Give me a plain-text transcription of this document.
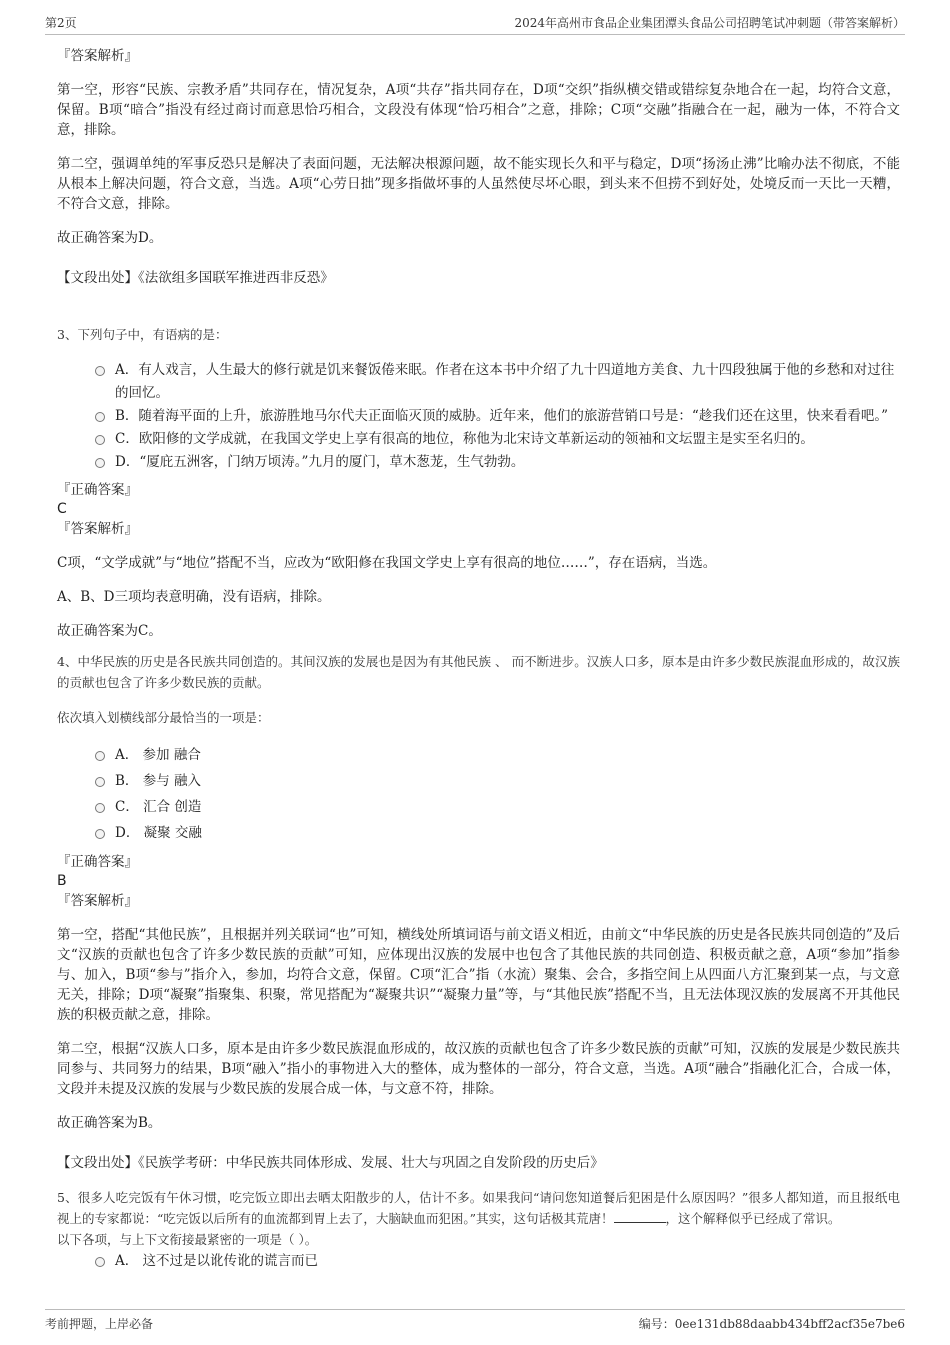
第2页	2024年高州市食品企业集团潭头食品公司招聘笔试冲刺题（带答案解析）

『答案解析』

第一空，形容“民族、宗教矛盾”共同存在，情况复杂，A项“共存”指共同存在，D项“交织”指纵横交错或错综复杂地合在一起，均符合文意，保留。B项“暗合”指没有经过商讨而意思恰巧相合，文段没有体现“恰巧相合”之意，排除；C项“交融”指融合在一起，融为一体，不符合文意，排除。

第二空，强调单纯的军事反恐只是解决了表面问题，无法解决根源问题，故不能实现长久和平与稳定，D项“扬汤止沸”比喻办法不彻底，不能从根本上解决问题，符合文意，当选。A项“心劳日拙”现多指做坏事的人虽然使尽坏心眼，到头来不但捞不到好处，处境反而一天比一天糟，不符合文意，排除。

故正确答案为D。

【文段出处】《法欲组多国联军推进西非反恐》

3、下列句子中，有语病的是：

A．有人戏言，人生最大的修行就是饥来餐饭倦来眠。作者在这本书中介绍了九十四道地方美食、九十四段独属于他的乡愁和对过往的回忆。
B．随着海平面的上升，旅游胜地马尔代夫正面临灭顶的威胁。近年来，他们的旅游营销口号是：“趁我们还在这里，快来看看吧。”
C．欧阳修的文学成就，在我国文学史上享有很高的地位，称他为北宋诗文革新运动的领袖和文坛盟主是实至名归的。
D．“厦庇五洲客，门纳万顷涛。”九月的厦门，草木葱茏，生气勃勃。

『正确答案』

C

『答案解析』

C项，“文学成就”与“地位”搭配不当，应改为“欧阳修在我国文学史上享有很高的地位……”，存在语病，当选。

A、B、D三项均表意明确，没有语病，排除。

故正确答案为C。

4、中华民族的历史是各民族共同创造的。其间汉族的发展也是因为有其他民族 、 而不断进步。汉族人口多，原本是由许多少数民族混血形成的，故汉族的贡献也包含了许多少数民族的贡献。

依次填入划横线部分最恰当的一项是：

A． 参加 融合
B． 参与 融入
C． 汇合 创造
D． 凝聚 交融

『正确答案』

B

『答案解析』

第一空，搭配“其他民族”，且根据并列关联词“也”可知，横线处所填词语与前文语义相近，由前文“中华民族的历史是各民族共同创造的”及后文“汉族的贡献也包含了许多少数民族的贡献”可知，应体现出汉族的发展中也包含了其他民族的共同创造、积极贡献之意，A项“参加”指参与、加入，B项“参与”指介入，参加，均符合文意，保留。C项“汇合”指（水流）聚集、会合，多指空间上从四面八方汇聚到某一点，与文意无关，排除；D项“凝聚”指聚集、积聚，常见搭配为“凝聚共识”“凝聚力量”等，与“其他民族”搭配不当，且无法体现汉族的发展离不开其他民族的积极贡献之意，排除。

第二空，根据“汉族人口多，原本是由许多少数民族混血形成的，故汉族的贡献也包含了许多少数民族的贡献”可知，汉族的发展是少数民族共同参与、共同努力的结果，B项“融入”指小的事物进入大的整体，成为整体的一部分，符合文意，当选。A项“融合”指融化汇合，合成一体，文段并未提及汉族的发展与少数民族的发展合成一体，与文意不符，排除。

故正确答案为B。

【文段出处】《民族学考研：中华民族共同体形成、发展、壮大与巩固之自发阶段的历史后》

5、很多人吃完饭有午休习惯，吃完饭立即出去晒太阳散步的人，估计不多。如果我问“请问您知道餐后犯困是什么原因吗？”很多人都知道，而且报纸电视上的专家都说：“吃完饭以后所有的血流都到胃上去了，大脑缺血而犯困。”其实，这句话极其荒唐！	，这个解释似乎已经成了常识。

以下各项，与上下文衔接最紧密的一项是（ ）。

A． 这不过是以讹传讹的谎言而已
考前押题，上岸必备	编号：0ee131db88daabb434bff2acf35e7be6
